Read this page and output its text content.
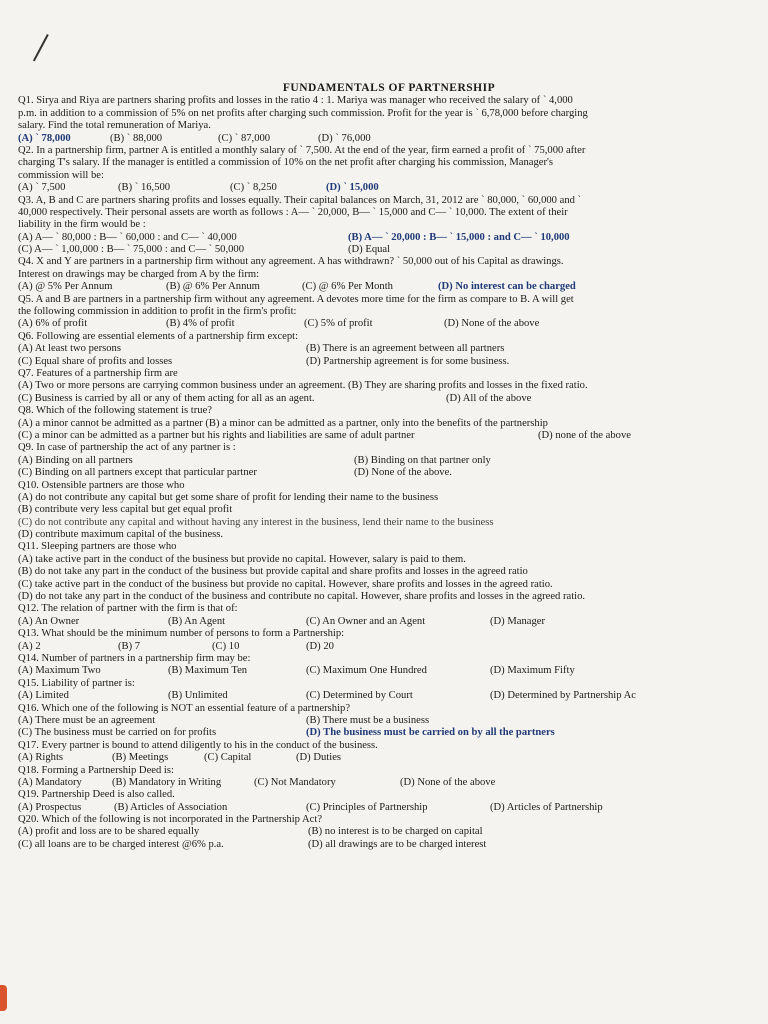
FUNDAMENTALS OF PARTNERSHIP
Q1. Sirya and Riya are partners sharing profits and losses in the ratio 4 : 1. Mariya was manager who received the salary of ` 4,000
p.m. in addition to a commission of 5% on net profits after charging such commission. Profit for the year is ` 6,78,000 before charging
salary. Find the total remuneration of Mariya.
(A) ` 78,000	(B) ` 88,000	(C) ` 87,000	(D) ` 76,000
Q2. In a partnership firm, partner A is entitled a monthly salary of ` 7,500. At the end of the year, firm earned a profit of ` 75,000 after
charging T's salary. If the manager is entitled a commission of 10% on the net profit after charging his commission, Manager's
commission will be:
(A) ` 7,500	(B) ` 16,500	(C) ` 8,250	(D) ` 15,000
Q3. A, B and C are partners sharing profits and losses equally. Their capital balances on March, 31, 2012 are ` 80,000, ` 60,000 and `
40,000 respectively. Their personal assets are worth as follows : A— ` 20,000, B— ` 15,000 and C— ` 10,000. The extent of their
liability in the firm would be :
(A) A— ` 80,000 : B— ` 60,000 : and C— ` 40,000	(B) A— ` 20,000 : B— ` 15,000 : and C— ` 10,000
(C) A— ` 1,00,000 : B— ` 75,000 : and C— ` 50,000	(D) Equal
Q4. X and Y are partners in a partnership firm without any agreement. A has withdrawn? ` 50,000 out of his Capital as drawings.
Interest on drawings may be charged from A by the firm:
(A) @ 5% Per Annum	(B) @ 6% Per Annum	(C) @ 6% Per Month	(D) No interest can be charged
Q5. A and B are partners in a partnership firm without any agreement. A devotes more time for the firm as compare to B. A will get
the following commission in addition to profit in the firm's profit:
(A) 6% of profit	(B) 4% of profit	(C) 5% of profit	(D) None of the above
Q6. Following are essential elements of a partnership firm except:
(A) At least two persons	(B) There is an agreement between all partners
(C) Equal share of profits and losses	(D) Partnership agreement is for some business.
Q7. Features of a partnership firm are
(A) Two or more persons are carrying common business under an agreement. (B) They are sharing profits and losses in the fixed ratio.
(C) Business is carried by all or any of them acting for all as an agent.	(D) All of the above
Q8. Which of the following statement is true?
(A) a minor cannot be admitted as a partner (B) a minor can be admitted as a partner, only into the benefits of the partnership
(C) a minor can be admitted as a partner but his rights and liabilities are same of adult partner	(D) none of the above
Q9. In case of partnership the act of any partner is :
(A) Binding on all partners	(B) Binding on that partner only
(C) Binding on all partners except that particular partner	(D) None of the above.
Q10. Ostensible partners are those who
(A) do not contribute any capital but get some share of profit for lending their name to the business
(B) contribute very less capital but get equal profit
(C) do not contribute any capital and without having any interest in the business, lend their name to the business
(D) contribute maximum capital of the business.
Q11. Sleeping partners are those who
(A) take active part in the conduct of the business but provide no capital. However, salary is paid to them.
(B) do not take any part in the conduct of the business but provide capital and share profits and losses in the agreed ratio
(C) take active part in the conduct of the business but provide no capital. However, share profits and losses in the agreed ratio.
(D) do not take any part in the conduct of the business and contribute no capital. However, share profits and losses in the agreed ratio.
Q12. The relation of partner with the firm is that of:
(A) An Owner	(B) An Agent	(C) An Owner and an Agent	(D) Manager
Q13. What should be the minimum number of persons to form a Partnership:
(A) 2	(B) 7	(C) 10	(D) 20
Q14. Number of partners in a partnership firm may be:
(A) Maximum Two	(B) Maximum Ten	(C) Maximum One Hundred	(D) Maximum Fifty
Q15. Liability of partner is:
(A) Limited	(B) Unlimited	(C) Determined by Court	(D) Determined by Partnership Ac
Q16. Which one of the following is NOT an essential feature of a partnership?
(A) There must be an agreement	(B) There must be a business
(C) The business must be carried on for profits	(D) The business must be carried on by all the partners
Q17. Every partner is bound to attend diligently to his in the conduct of the business.
(A) Rights	(B) Meetings	(C) Capital	(D) Duties
Q18. Forming a Partnership Deed is:
(A) Mandatory	(B) Mandatory in Writing	(C) Not Mandatory	(D) None of the above
Q19. Partnership Deed is also called.
(A) Prospectus	(B) Articles of Association	(C) Principles of Partnership	(D) Articles of Partnership
Q20. Which of the following is not incorporated in the Partnership Act?
(A) profit and loss are to be shared equally	(B) no interest is to be charged on capital
(C) all loans are to be charged interest @6% p.a.	(D) all drawings are to be charged interest
